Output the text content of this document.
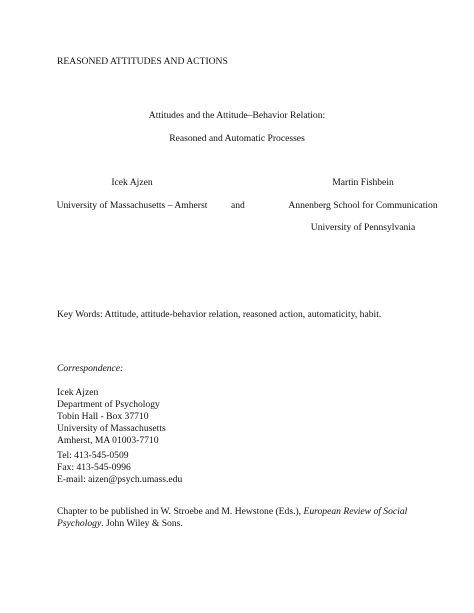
REASONED ATTITUDES AND ACTIONS
Attitudes and the Attitude–Behavior Relation:
Reasoned and Automatic Processes
Icek Ajzen
University of Massachusetts – Amherst	and
Martin Fishbein
Annenberg School for Communication
University of Pennsylvania
Key Words: Attitude, attitude-behavior relation, reasoned action, automaticity, habit.
Correspondence:
Icek Ajzen
Department of Psychology
Tobin Hall - Box 37710
University of Massachusetts
Amherst, MA 01003-7710
Tel: 413-545-0509
Fax: 413-545-0996
E-mail: aizen@psych.umass.edu
Chapter to be published in W. Stroebe and M. Hewstone (Eds.), European Review of Social
Psychology. John Wiley & Sons.
